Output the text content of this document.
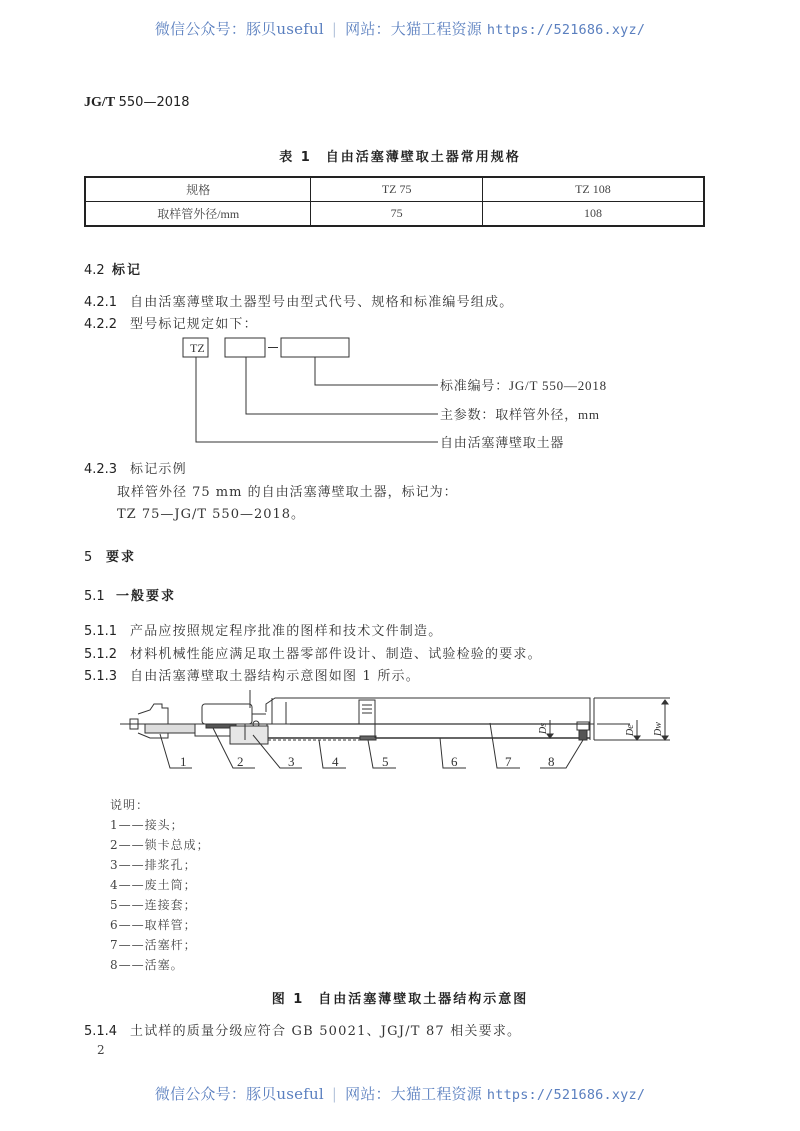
微信公众号：豚贝useful | 网站：大猫工程资源 https://521686.xyz/
JG/T 550—2018
表 1 自由活塞薄壁取土器常用规格
规格	TZ 75	TZ 108
取样管外径/mm	75	108
4.2 标记
4.2.1 自由活塞薄壁取土器型号由型式代号、规格和标准编号组成。
4.2.2 型号标记规定如下：
TZ
标准编号：JG/T 550—2018
主参数：取样管外径，mm
自由活塞薄壁取土器
4.2.3 标记示例
取样管外径 75 mm 的自由活塞薄壁取土器，标记为：
TZ 75—JG/T 550—2018。
5 要求
5.1 一般要求
5.1.1 产品应按照规定程序批准的图样和技术文件制造。
5.1.2 材料机械性能应满足取土器零部件设计、制造、试验检验的要求。
5.1.3 自由活塞薄壁取土器结构示意图如图 1 所示。
1	2	3	4	5	6	7	8
Ds	De Dw
说明：
1——接头；
2——锁卡总成；
3——排浆孔；
4——废土筒；
5——连接套；
6——取样管；
7——活塞杆；
8——活塞。
图 1 自由活塞薄壁取土器结构示意图
5.1.4 土试样的质量分级应符合 GB 50021、JGJ/T 87 相关要求。
2
微信公众号：豚贝useful | 网站：大猫工程资源 https://521686.xyz/
